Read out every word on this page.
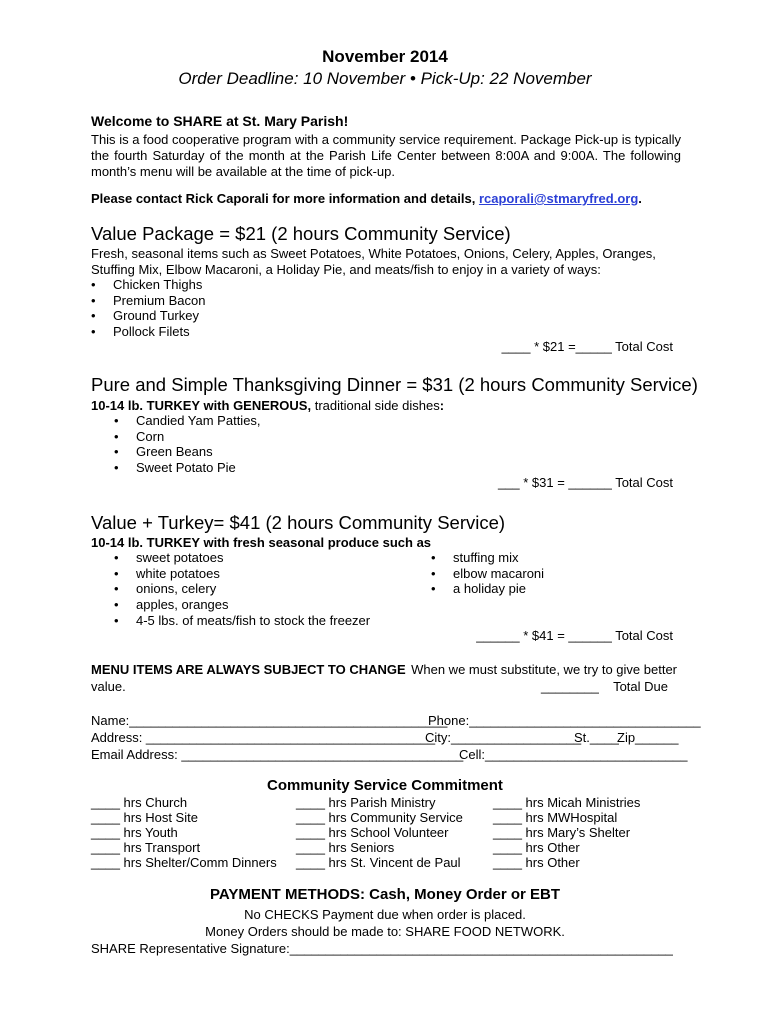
November 2014
Order Deadline: 10 November • Pick-Up: 22 November
Welcome to SHARE at St. Mary Parish!
This is a food cooperative program with a community service requirement. Package Pick-up is typically the fourth Saturday of the month at the Parish Life Center between 8:00A and 9:00A. The following month’s menu will be available at the time of pick-up.
Please contact Rick Caporali for more information and details, rcaporali@stmaryfred.org.
Value Package = $21 (2 hours Community Service)
Fresh, seasonal items such as Sweet Potatoes, White Potatoes, Onions, Celery, Apples, Oranges,
Stuffing Mix, Elbow Macaroni, a Holiday Pie, and meats/fish to enjoy in a variety of ways:
• Chicken Thighs
• Premium Bacon
• Ground Turkey
• Pollock Filets
____ * $21 =_____ Total Cost
Pure and Simple Thanksgiving Dinner = $31 (2 hours Community Service)
10-14 lb. TURKEY with GENEROUS, traditional side dishes:
• Candied Yam Patties,
• Corn
• Green Beans
• Sweet Potato Pie
___ * $31 = ______ Total Cost
Value + Turkey= $41 (2 hours Community Service)
10-14 lb. TURKEY with fresh seasonal produce such as
• sweet potatoes
• white potatoes
• onions, celery
• apples, oranges
• 4-5 lbs. of meats/fish to stock the freezer
• stuffing mix
• elbow macaroni
• a holiday pie
______ * $41 = ______ Total Cost
MENU ITEMS ARE ALWAYS SUBJECT TO CHANGE When we must substitute, we try to give better
value.	________    Total Due
Name:____________________________________________
Phone:________________________________
Address: ________________________________________
City:__________________
St.____
Zip______
Email Address: _______________________________________
Cell:____________________________
Community Service Commitment
____ hrs Church
____ hrs Host Site
____ hrs Youth
____ hrs Transport
____ hrs Shelter/Comm Dinners
____ hrs Parish Ministry
____ hrs Community Service
____ hrs School Volunteer
____ hrs Seniors
____ hrs St. Vincent de Paul
____ hrs Micah Ministries
____ hrs MWHospital
____ hrs Mary’s Shelter
____ hrs Other
____ hrs Other
PAYMENT METHODS: Cash, Money Order or EBT
No CHECKS Payment due when order is placed.
Money Orders should be made to: SHARE FOOD NETWORK.
SHARE Representative Signature:_____________________________________________________
